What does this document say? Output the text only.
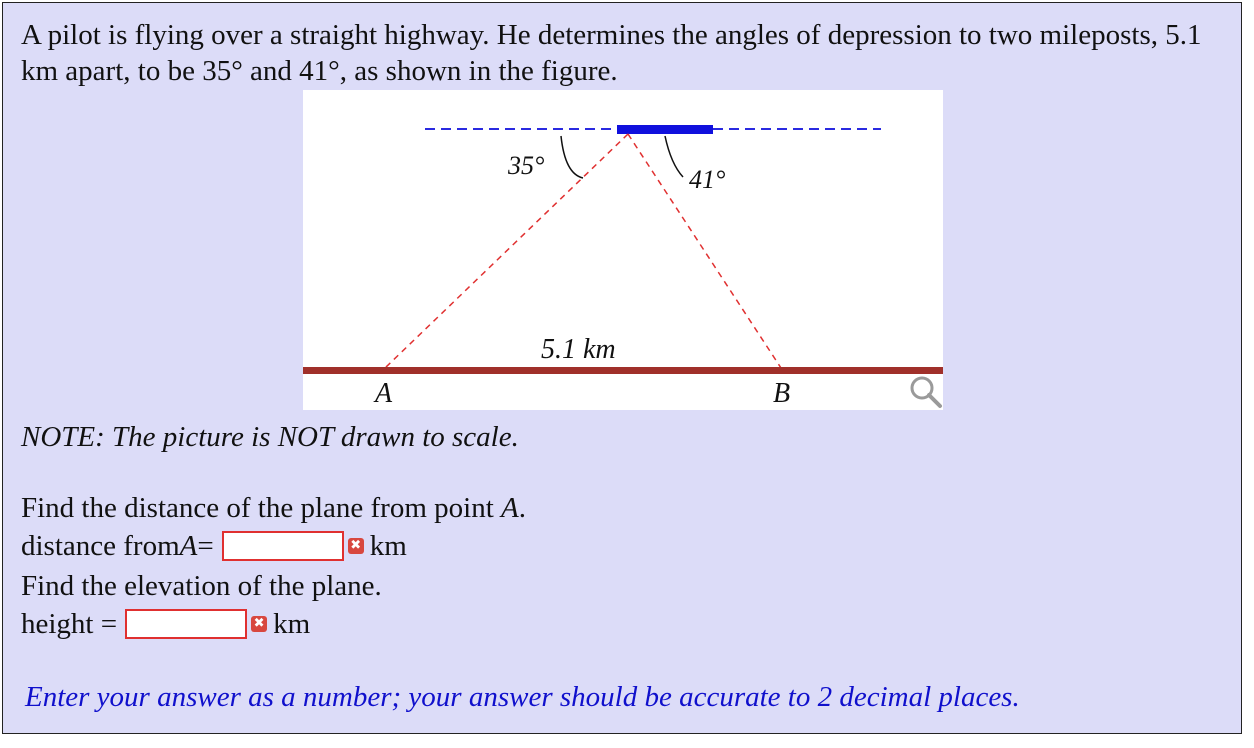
A pilot is flying over a straight highway. He determines the angles of depression to two mileposts, 5.1 km apart, to be 35° and 41°, as shown in the figure.
35°	41°
5.1 km
A	B
NOTE: The picture is NOT drawn to scale.
Find the distance of the plane from point
A .
distance from A =	✖ km
Find the elevation of the plane.
height =	✖ km
Enter your answer as a number; your answer should be accurate to 2 decimal places.
